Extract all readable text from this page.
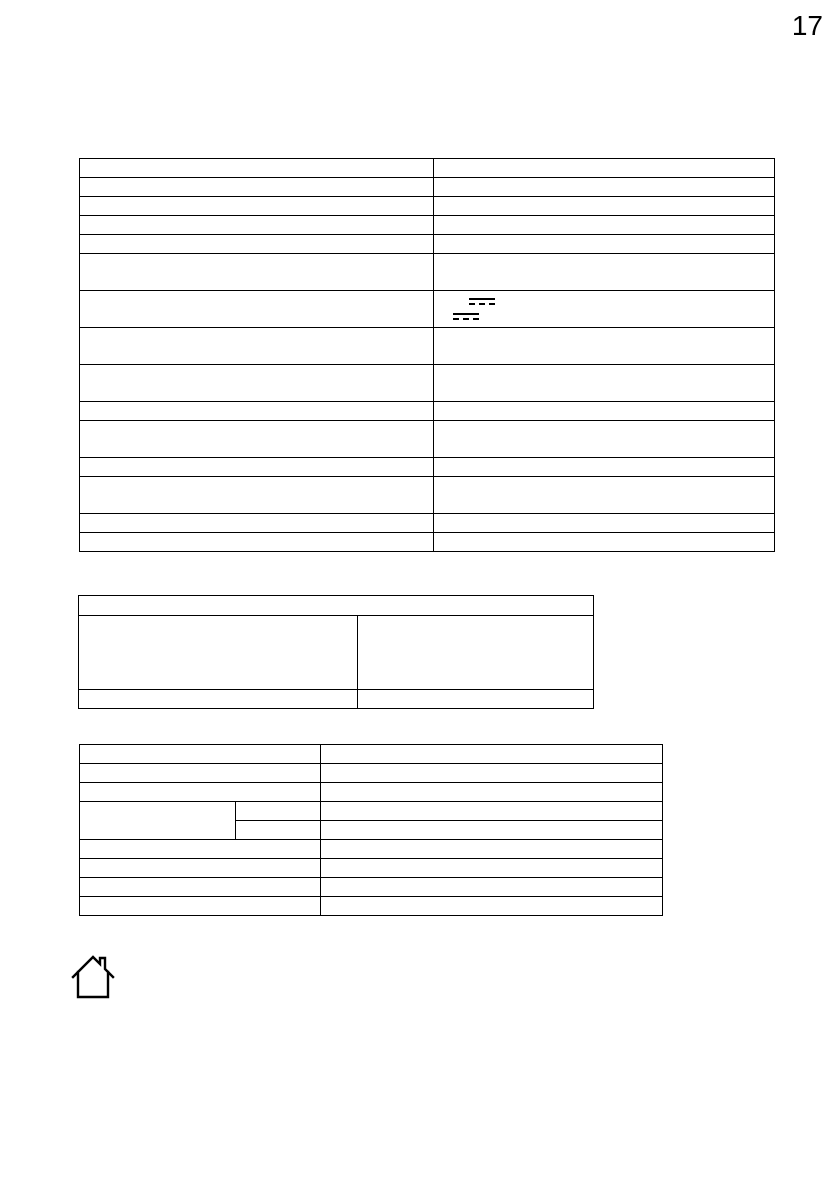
17
